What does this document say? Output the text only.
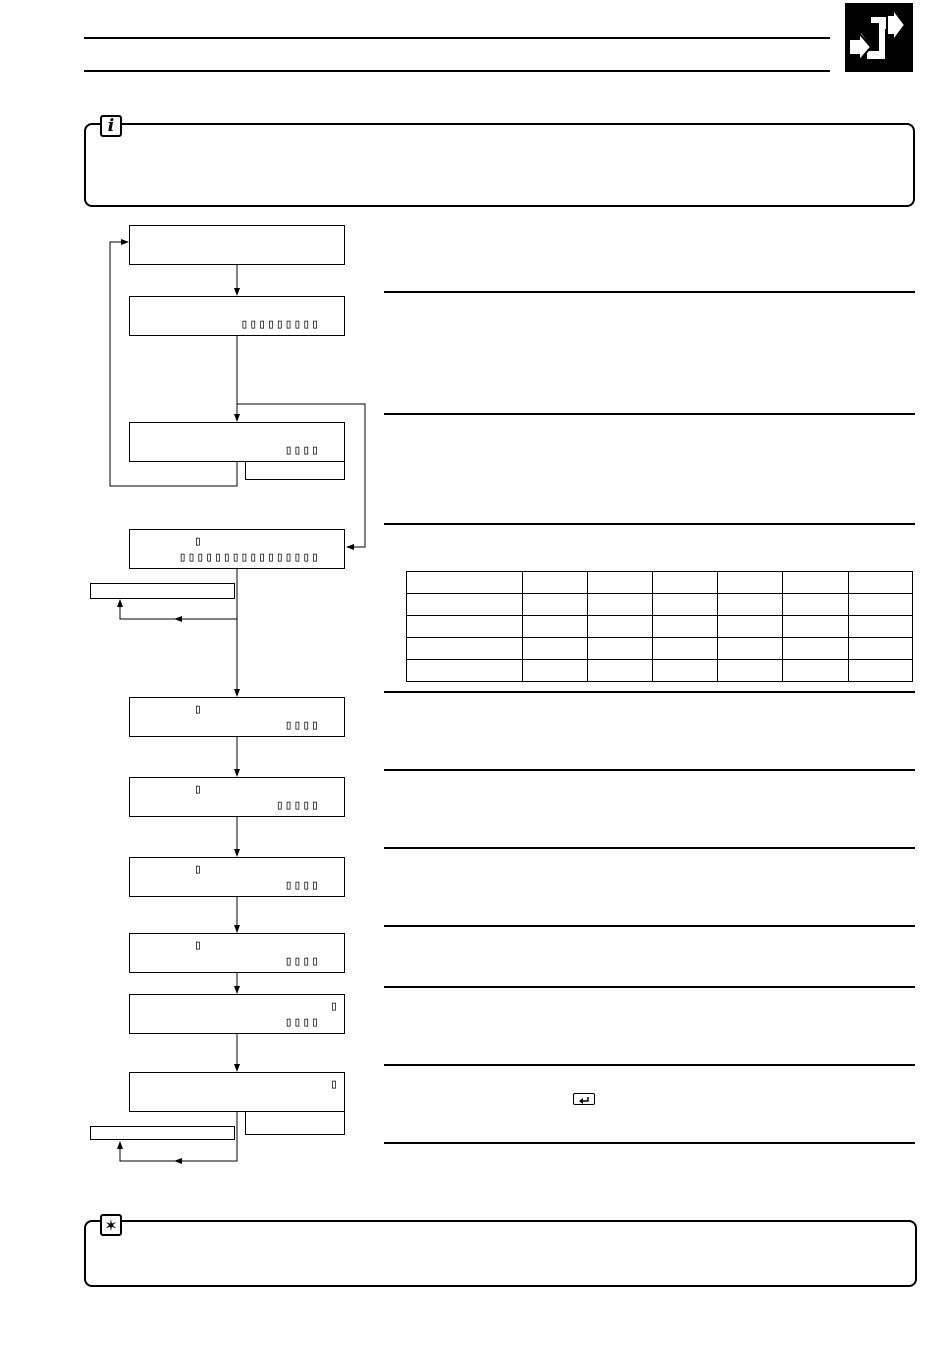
i
▯▯▯▯▯▯▯▯▯
▯▯▯▯
▯
▯▯▯▯▯▯▯▯▯▯▯▯▯▯▯▯
▯
▯▯▯▯
▯
▯▯▯▯▯
▯
▯▯▯▯
▯
▯▯▯▯
▯
▯▯▯▯
▯

✶
